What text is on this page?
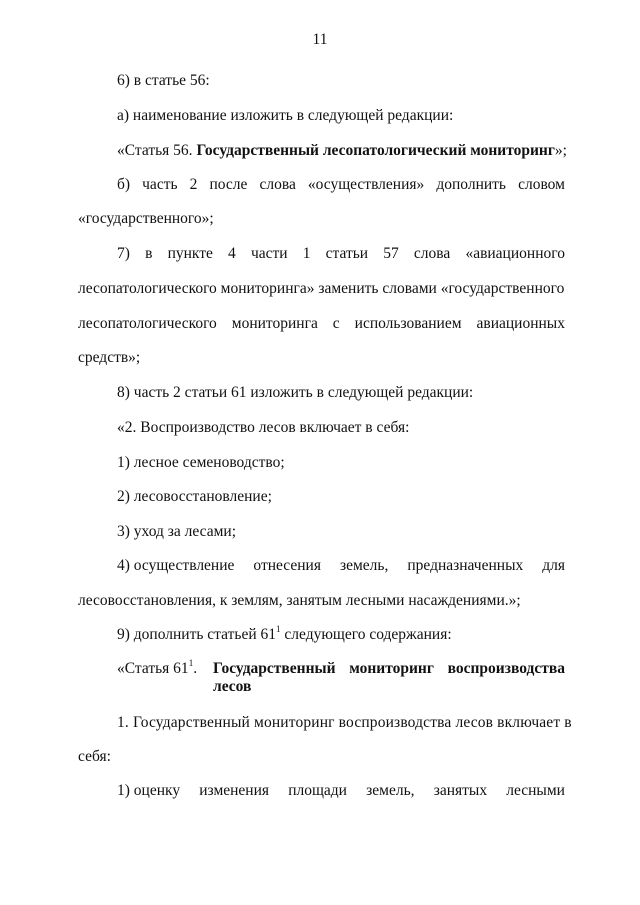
11
6) в статье 56:
а) наименование изложить в следующей редакции:
«Статья 56. Государственный лесопатологический мониторинг»;
б) часть 2 после слова «осуществления» дополнить словом
«государственного»;
7) в пункте 4 части 1 статьи 57 слова «авиационного
лесопатологического мониторинга» заменить словами «государственного
лесопатологического мониторинга с использованием авиационных
средств»;
8) часть 2 статьи 61 изложить в следующей редакции:
«2. Воспроизводство лесов включает в себя:
1) лесное семеноводство;
2) лесовосстановление;
3) уход за лесами;
4) осуществление отнесения земель, предназначенных для
лесовосстановления, к землям, занятым лесными насаждениями.»;
9) дополнить статьей $61^1$ следующего содержания:
«Статья $61^1$. Государственный мониторинг воспроизводства
лесов
1. Государственный мониторинг воспроизводства лесов включает в
себя:
1) оценку изменения площади земель, занятых лесными
